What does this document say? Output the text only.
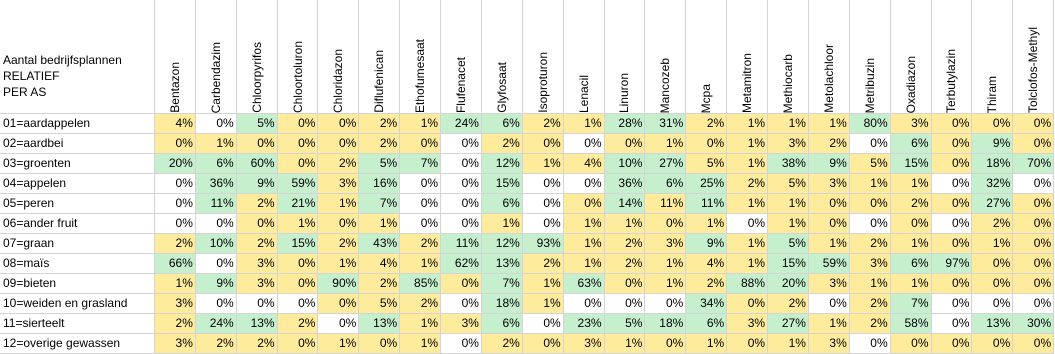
Bentazon Carbendazim Chloorpyrifos Chloortoluron Chloridazon Diflufenican Ethofumesaat Flufenacet Glyfosaat Isoproturon Lenacil Linuron Mancozeb Mcpa Metamitron Methiocarb Metolachloor Metribuzin Oxadiazon Terbutylazin Thiram Tolclofos-Methyl
01=aardappelen	4%	0%	5%	0%	0%	2%	1%	24%	6%	2%	1%	28%	31%	2%	1%	1%	1%	80%	3%	0%	0%	0%
02=aardbei	0%	1%	0%	0%	0%	2%	0%	0%	2%	0%	0%	0%	1%	0%	1%	3%	2%	0%	6%	0%	9%	0%
03=groenten	20%	6%	60%	0%	2%	5%	7%	0%	12%	1%	4%	10%	27%	5%	1%	38%	9%	5%	15%	0%	18%	70%
04=appelen	0%	36%	9%	59%	3%	16%	0%	0%	15%	0%	0%	36%	6%	25%	2%	5%	3%	1%	1%	0%	32%	0%
05=peren	0%	11%	2%	21%	1%	7%	0%	0%	6%	0%	0%	14%	11%	11%	1%	1%	0%	0%	2%	0%	27%	0%
06=ander fruit	0%	0%	0%	1%	0%	1%	0%	0%	1%	0%	1%	1%	0%	1%	0%	1%	0%	0%	0%	0%	2%	0%
07=graan	2%	10%	2%	15%	2%	43%	2%	11%	12%	93%	1%	2%	3%	9%	1%	5%	1%	2%	1%	0%	1%	0%
08=maïs	66%	0%	3%	0%	1%	4%	1%	62%	13%	2%	1%	2%	1%	4%	1%	15%	59%	3%	6%	97%	0%	0%
09=bieten	1%	9%	3%	0%	90%	2%	85%	0%	7%	1%	63%	0%	1%	2%	88%	20%	3%	1%	1%	0%	0%	0%
10=weiden en grasland	3%	0%	0%	0%	0%	5%	2%	0%	18%	1%	0%	0%	0%	34%	0%	2%	0%	2%	7%	0%	0%	0%
11=sierteelt	2%	24%	13%	2%	0%	13%	1%	3%	6%	0%	23%	5%	18%	6%	3%	27%	1%	2%	58%	0%	13%	30%
12=overige gewassen	3%	2%	2%	0%	1%	0%	1%	0%	2%	0%	3%	1%	0%	1%	0%	1%	3%	0%	0%	0%	0%	0%
Aantal bedrijfsplannen
RELATIEF
PER AS
